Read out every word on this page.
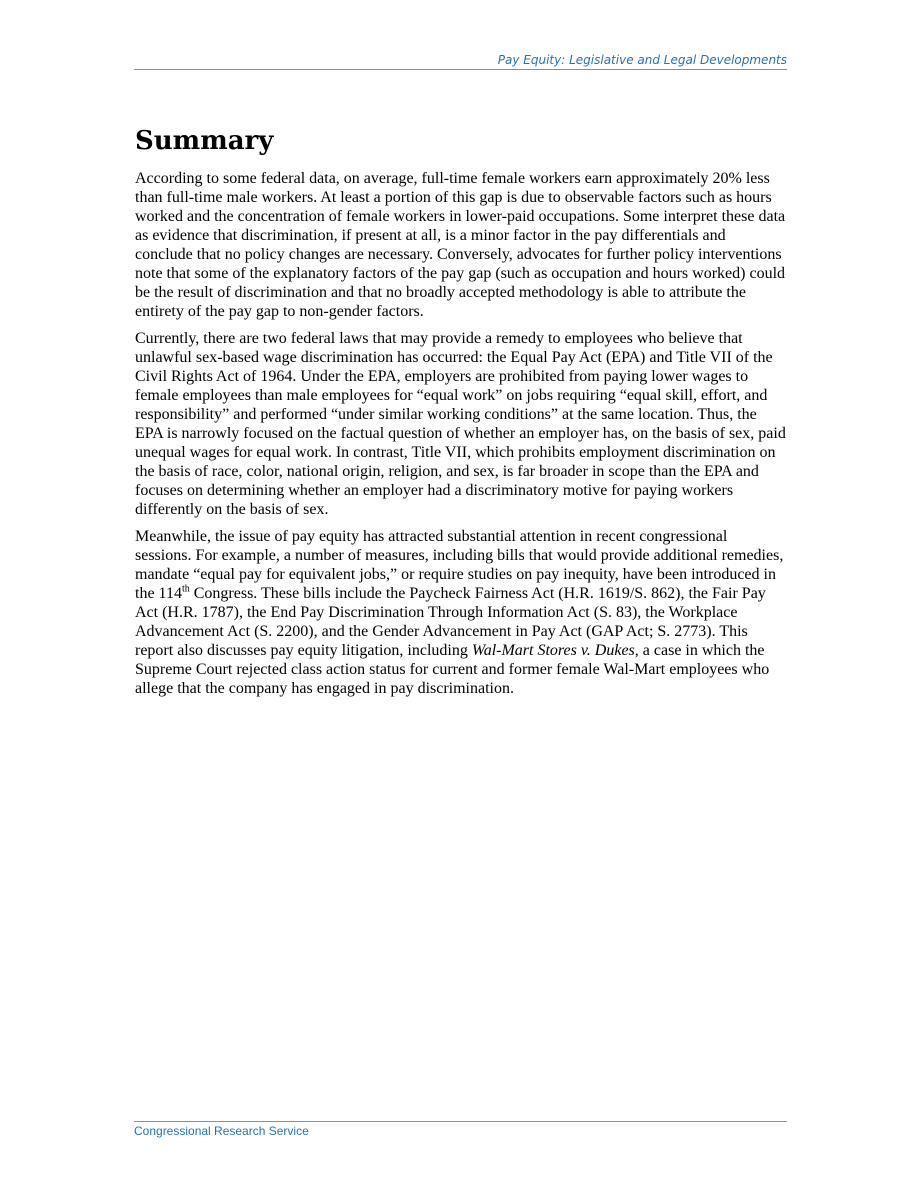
Pay Equity: Legislative and Legal Developments
Summary

According to some federal data, on average, full-time female workers earn approximately 20% less than full-time male workers. At least a portion of this gap is due to observable factors such as hours worked and the concentration of female workers in lower-paid occupations. Some interpret these data as evidence that discrimination, if present at all, is a minor factor in the pay differentials and conclude that no policy changes are necessary. Conversely, advocates for further policy interventions note that some of the explanatory factors of the pay gap (such as occupation and hours worked) could be the result of discrimination and that no broadly accepted methodology is able to attribute the entirety of the pay gap to non-gender factors.

Currently, there are two federal laws that may provide a remedy to employees who believe that unlawful sex-based wage discrimination has occurred: the Equal Pay Act (EPA) and Title VII of the Civil Rights Act of 1964. Under the EPA, employers are prohibited from paying lower wages to female employees than male employees for “equal work” on jobs requiring “equal skill, effort, and responsibility” and performed “under similar working conditions” at the same location. Thus, the EPA is narrowly focused on the factual question of whether an employer has, on the basis of sex, paid unequal wages for equal work. In contrast, Title VII, which prohibits employment discrimination on the basis of race, color, national origin, religion, and sex, is far broader in scope than the EPA and focuses on determining whether an employer had a discriminatory motive for paying workers differently on the basis of sex.

Meanwhile, the issue of pay equity has attracted substantial attention in recent congressional sessions. For example, a number of measures, including bills that would provide additional remedies, mandate “equal pay for equivalent jobs,” or require studies on pay inequity, have been introduced in the 114th Congress. These bills include the Paycheck Fairness Act (H.R. 1619/S. 862), the Fair Pay Act (H.R. 1787), the End Pay Discrimination Through Information Act (S. 83), the Workplace Advancement Act (S. 2200), and the Gender Advancement in Pay Act (GAP Act; S. 2773). This report also discusses pay equity litigation, including Wal-Mart Stores v. Dukes, a case in which the Supreme Court rejected class action status for current and former female Wal-Mart employees who allege that the company has engaged in pay discrimination.

Congressional Research Service
